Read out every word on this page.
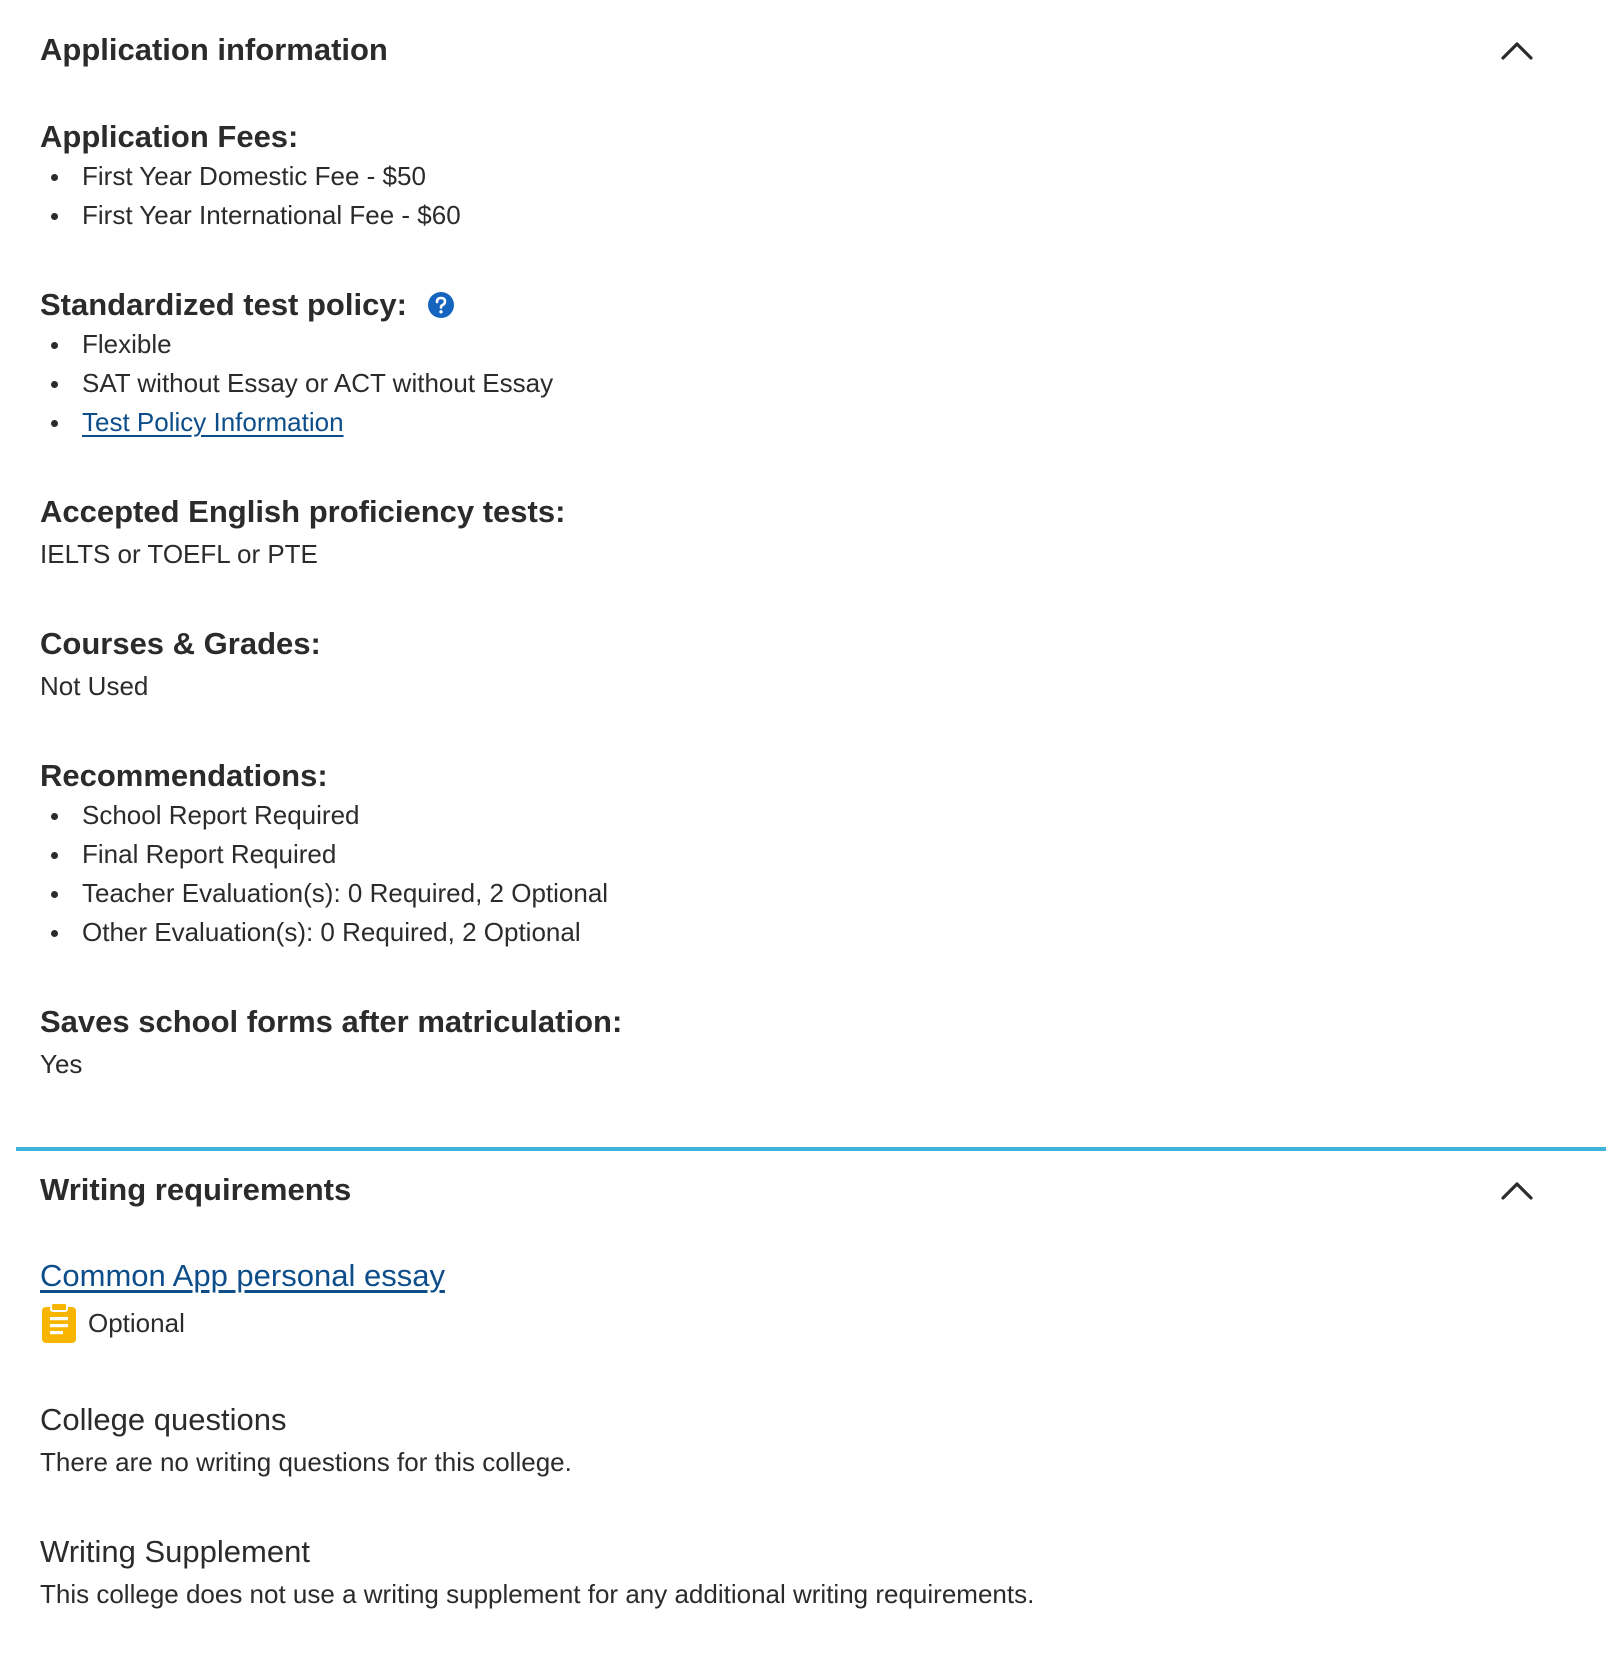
Application information
Application Fees:
First Year Domestic Fee - $50
First Year International Fee - $60
Standardized test policy:
Flexible
SAT without Essay or ACT without Essay
Test Policy Information
Accepted English proficiency tests:
IELTS or TOEFL or PTE
Courses & Grades:
Not Used
Recommendations:
School Report Required
Final Report Required
Teacher Evaluation(s): 0 Required, 2 Optional
Other Evaluation(s): 0 Required, 2 Optional
Saves school forms after matriculation:
Yes
Writing requirements
Common App personal essay
Optional
College questions
There are no writing questions for this college.
Writing Supplement
This college does not use a writing supplement for any additional writing requirements.
